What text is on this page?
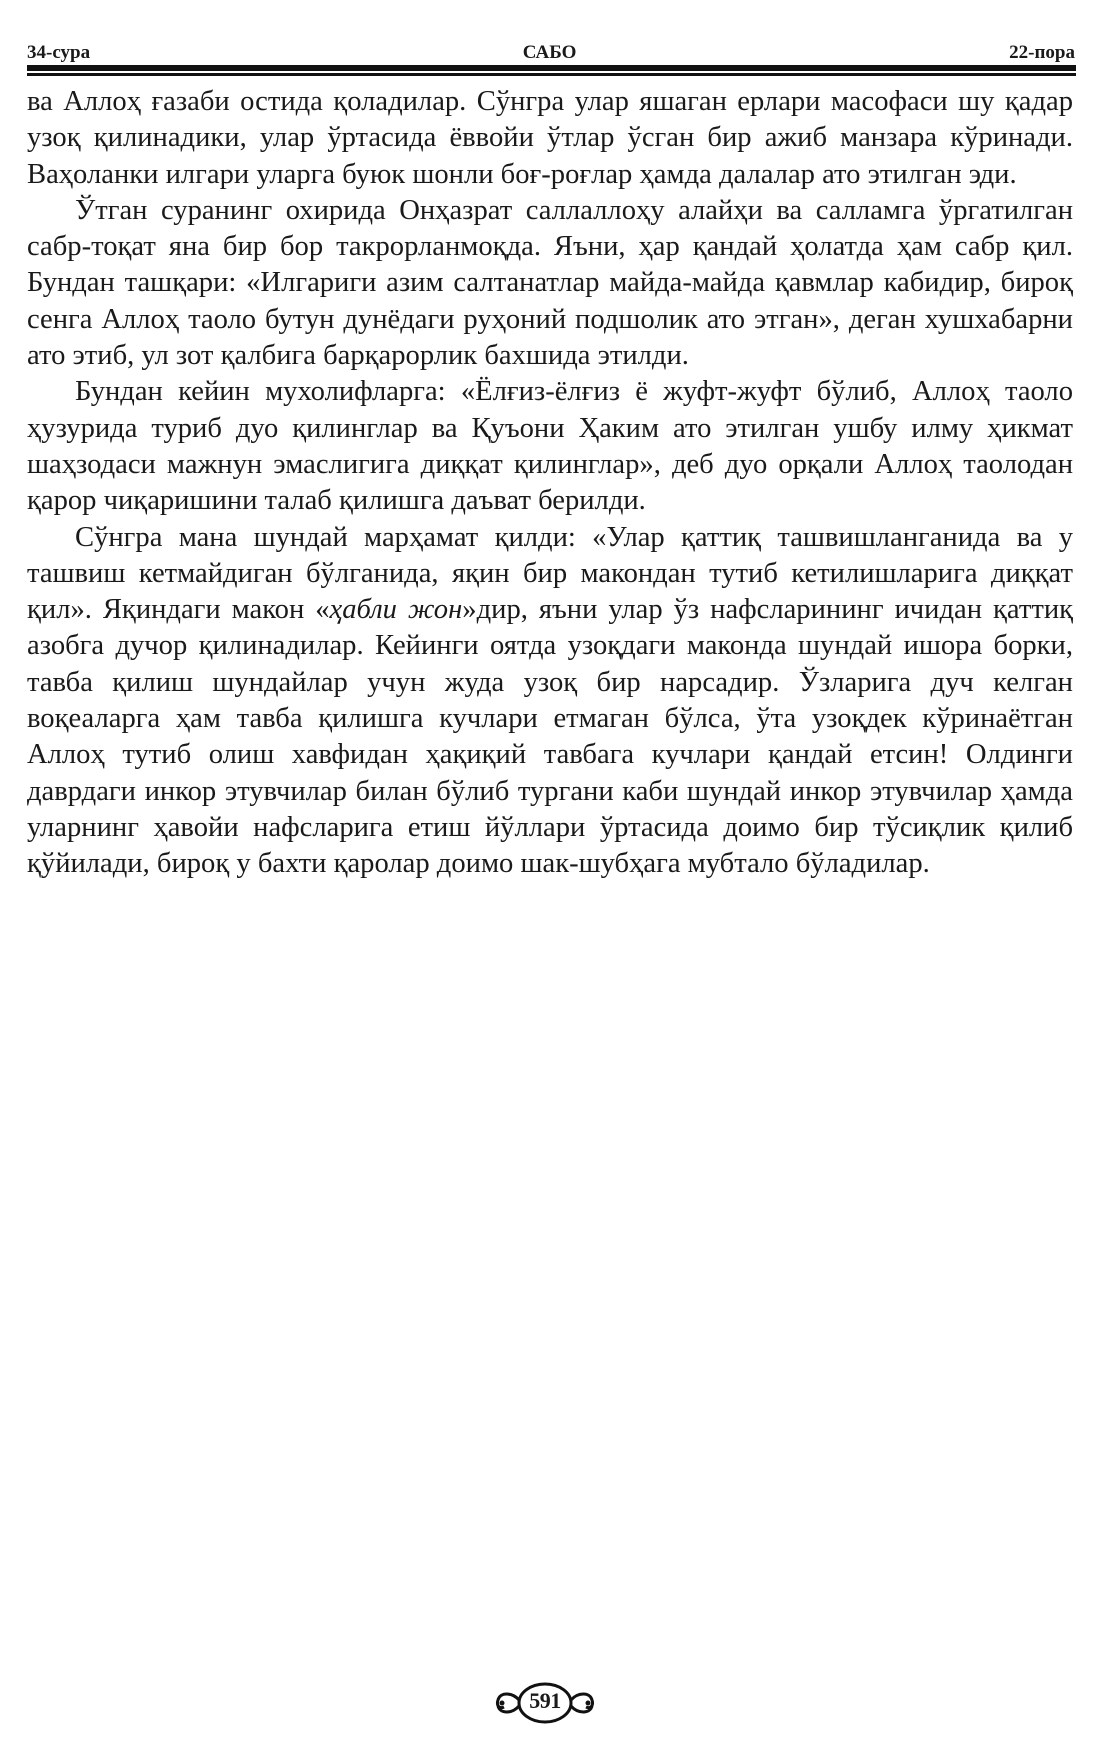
34-сура	САБО	22-пора

ва Аллоҳ ғазаби остида қоладилар. Сўнгра улар яшаган ерлари масофаси шу қадар узоқ қилинадики, улар ўртасида ёввойи ўтлар ўсган бир ажиб манзара кўринади. Ваҳоланки илгари уларга буюк шонли боғ-роғлар ҳамда далалар ато этилган эди.

Ўтган суранинг охирида Онҳазрат саллаллоҳу алайҳи ва салламга ўргатилган сабр-тоқат яна бир бор такрорланмоқда. Яъни, ҳар қандай ҳолатда ҳам сабр қил. Бундан ташқари: «Илгариги азим салтанатлар майда-майда қавмлар кабидир, бироқ сенга Аллоҳ таоло бутун дунёдаги руҳоний подшолик ато этган», деган хушхабарни ато этиб, ул зот қалбига барқарорлик бахшида этилди.

Бундан кейин мухолифларга: «Ёлғиз-ёлғиз ё жуфт-жуфт бўлиб, Аллоҳ таоло ҳузурида туриб дуо қилинглар ва Қуъони Ҳаким ато этилган ушбу илму ҳикмат шаҳзодаси мажнун эмаслигига диққат қилинглар», деб дуо орқали Аллоҳ таолодан қарор чиқаришини талаб қилишга даъват берилди.

Сўнгра мана шундай марҳамат қилди: «Улар қаттиқ ташвишланганида ва у ташвиш кетмайдиган бўлганида, яқин бир макондан тутиб кетилишларига диққат қил». Яқиндаги макон «ҳабли жон»дир, яъни улар ўз нафсларининг ичидан қаттиқ азобга дучор қилинадилар. Кейинги оятда узоқдаги маконда шундай ишора борки, тавба қилиш шундайлар учун жуда узоқ бир нарсадир. Ўзларига дуч келган воқеаларга ҳам тавба қилишга кучлари етмаган бўлса, ўта узоқдек кўринаётган Аллоҳ тутиб олиш хавфидан ҳақиқий тавбага кучлари қандай етсин! Олдинги даврдаги инкор этувчилар билан бўлиб тургани каби шундай инкор этувчилар ҳамда уларнинг ҳавойи нафсларига етиш йўллари ўртасида доимо бир тўсиқлик қилиб қўйилади, бироқ у бахти қаролар доимо шак-шубҳага мубтало бўладилар.

591
